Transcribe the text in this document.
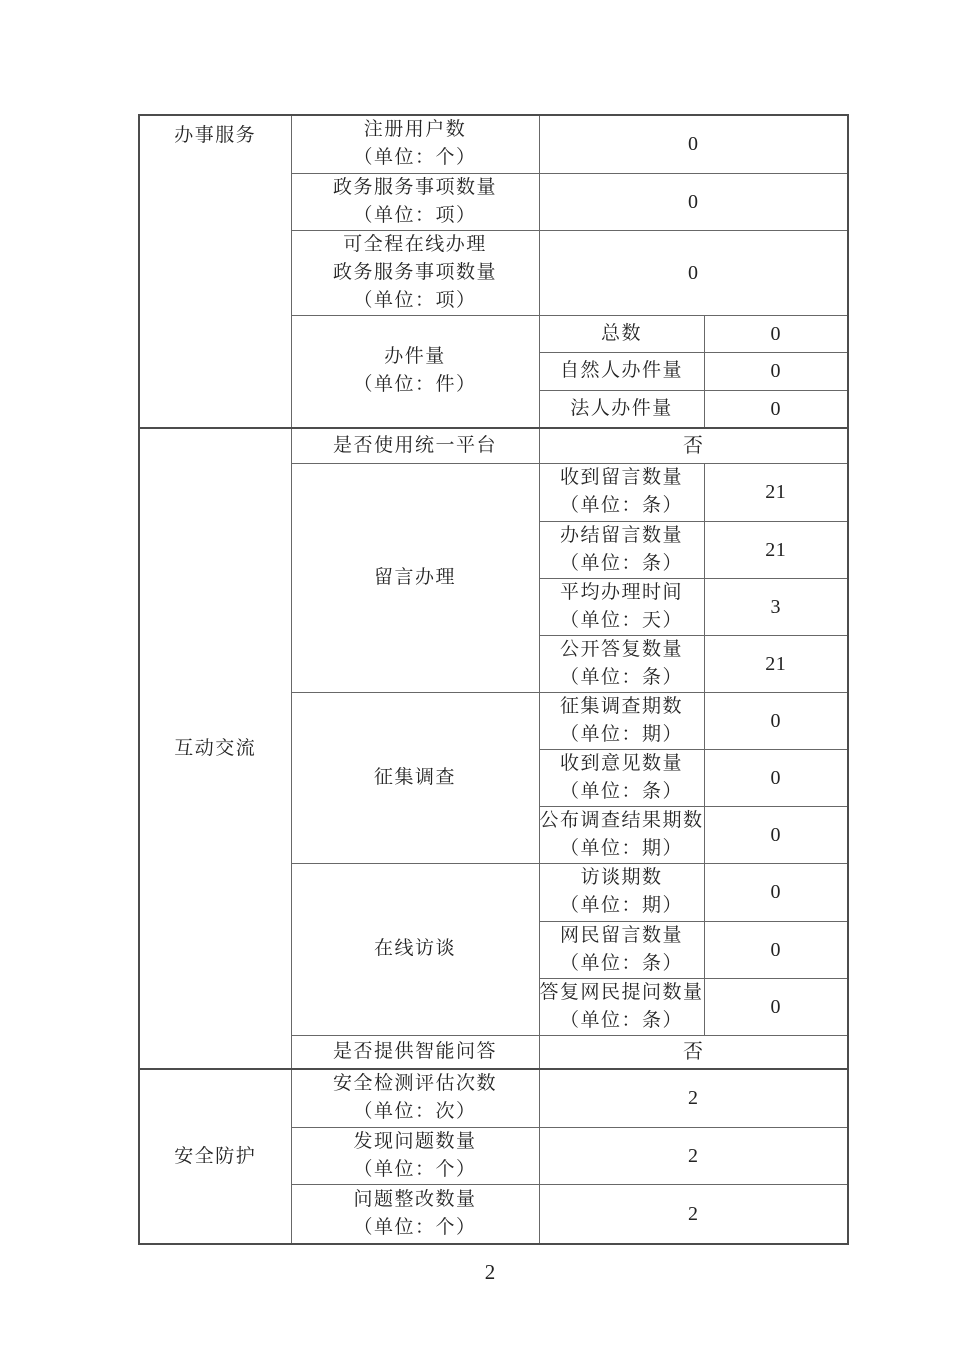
办事服务	注册用户数
（单位：个）	0	

	政务服务事项数量
（单位：项）	0	

	可全程在线办理
政务服务事项数量
（单位：项）	0	

	办件量
（单位：件）	总数	0

		自然人办件量	0

		法人办件量	0

互动交流	是否使用统一平台	否	

	留言办理	收到留言数量
（单位：条）	21

		办结留言数量
（单位：条）	21

		平均办理时间
（单位：天）	3

		公开答复数量
（单位：条）	21

	征集调查	征集调查期数
（单位：期）	0

		收到意见数量
（单位：条）	0

		公布调查结果期数
（单位：期）	0

	在线访谈	访谈期数
（单位：期）	0

		网民留言数量
（单位：条）	0

		答复网民提问数量
（单位：条）	0

	是否提供智能问答	否	

安全防护	安全检测评估次数
（单位：次）	2	

	发现问题数量
（单位：个）	2	

	问题整改数量
（单位：个）	2	
2
